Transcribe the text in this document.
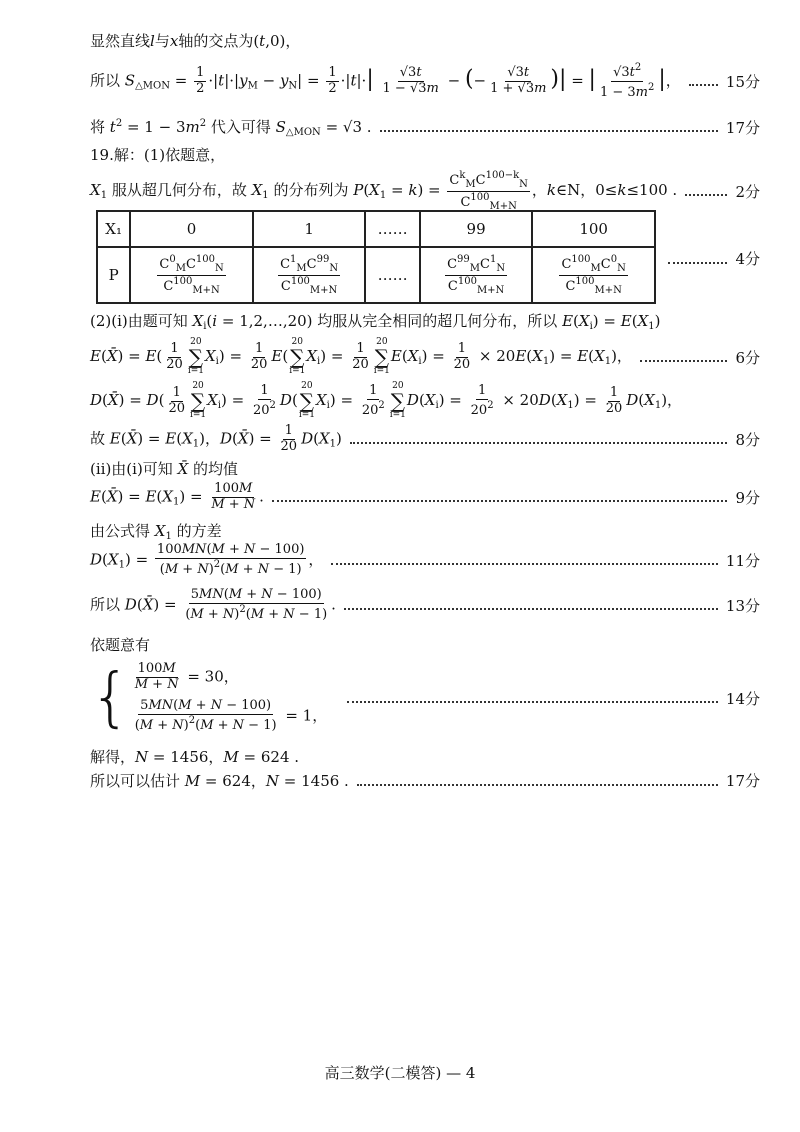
显然直线l与x轴的交点为(t,0)，
所以 $S_{\triangle MON} = \frac{1}{2} \cdot|t|\cdot|y_M - y_N| = \frac{1}{2} \cdot|t|\cdot| \frac{√3t}{1 - √3m}$ − (− $\frac{√3t}{1 + √3m}$ )| = | $\frac{√3t^2}{1 - 3m^2}$ |，	15分
将 $t^2 = 1 - 3m^2$ 代入可得 $S_{\triangle MON} = √3$ .	17分
19.解：(1)依题意，
$X_1$ 服从超几何分布，故 $X_1$ 的分布列为 $P(X_1 = k) = \frac{C^k_MC^{100-k}_N}{C^{100}_{M+N}}$ ，k∈N，0≤k≤100 .	2分
X₁	0	1	……	99	100
P	$\frac{C^0_MC^{100}_N}{C^{100}_{M+N}}$	$\frac{C^1_MC^{99}_N}{C^{100}_{M+N}}$	……	$\frac{C^{99}_MC^1_N}{C^{100}_{M+N}}$	$\frac{C^{100}_MC^0_N}{C^{100}_{M+N}}$	4分
(2)(ⅰ)由题可知 $X_i(i$ = 1,2,…,20) 均服从完全相同的超几何分布，所以 $E(X_i) = E(X_1)$
E(X̄) = $E( \frac{1}{20} 20$
∑
i=1
$X_i) = \frac{1}{20} E$(
20
∑
i=1
$X_i) = \frac{1}{20} 20$
∑
i=1
$E(X_i) = \frac{1}{20} \times 20E(X_1) = E(X_1)$，	6分
D(X̄) = $D( \frac{1}{20} 20$
∑
i=1
$X_i) = \frac{1}{20^2} D$(
20
∑
i=1
$X_i) = \frac{1}{20^2} 20$
∑
i=1
$D(X_i) = \frac{1}{20^2} \times 20D(X_1) = \frac{1}{20} D(X_1)$，
故 E(X̄) = $E(X_1)$，D(X̄) = $\frac{1}{20} D(X_1)$	8分
(ⅱ)由(ⅰ)可知 X̄ 的均值
E(X̄) = $E(X_1) = \frac{100M}{M + N}$ .	9分
由公式得 $X_1$ 的方差
$D(X_1) = \frac{100MN(M + N - 100)}{(M + N)^2(M + N - 1)}$ ，	11分
所以 D(X̄) = $\frac{5MN(M + N - 100)}{(M + N)^2(M + N - 1)}$ .	13分
依题意有
{ $\frac{100M}{M + N} = 30$，
$\frac{5MN(M + N - 100)}{(M + N)^2(M + N - 1)} = 1$，
14分
解得，N = 1456，M = 624 .
所以可以估计 M = 624，N = 1456 .	17分
高三数学(二模答) — 4
